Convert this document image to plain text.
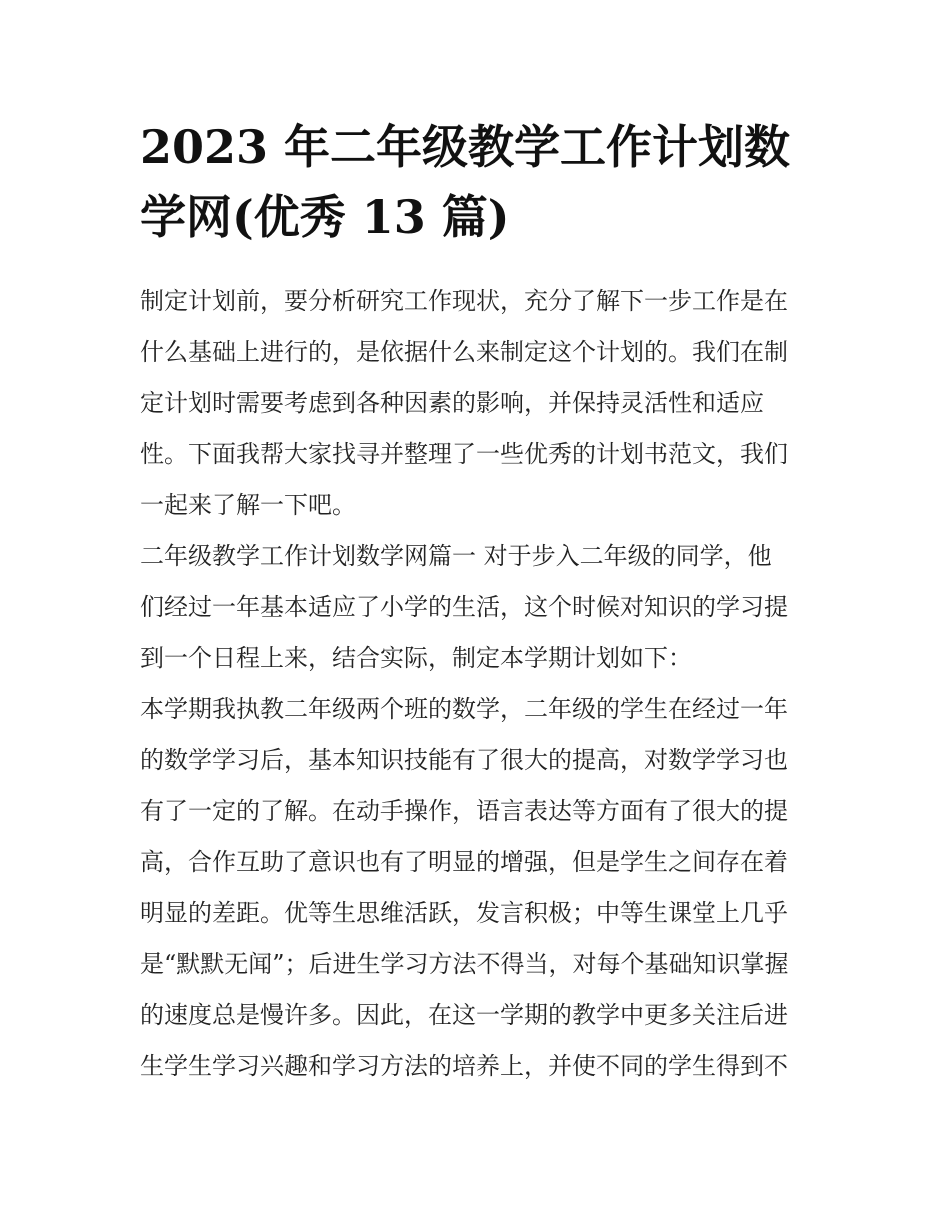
2023 年二年级教学工作计划数
学网(优秀 13 篇)
制定计划前，要分析研究工作现状，充分了解下一步工作是在
什么基础上进行的，是依据什么来制定这个计划的。我们在制
定计划时需要考虑到各种因素的影响，并保持灵活性和适应
性。下面我帮大家找寻并整理了一些优秀的计划书范文，我们
一起来了解一下吧。
二年级教学工作计划数学网篇一 对于步入二年级的同学，他
们经过一年基本适应了小学的生活，这个时候对知识的学习提
到一个日程上来，结合实际，制定本学期计划如下：
本学期我执教二年级两个班的数学，二年级的学生在经过一年
的数学学习后，基本知识技能有了很大的提高，对数学学习也
有了一定的了解。在动手操作，语言表达等方面有了很大的提
高，合作互助了意识也有了明显的增强，但是学生之间存在着
明显的差距。优等生思维活跃，发言积极；中等生课堂上几乎
是“默默无闻”；后进生学习方法不得当，对每个基础知识掌握
的速度总是慢许多。因此，在这一学期的教学中更多关注后进
生学生学习兴趣和学习方法的培养上，并使不同的学生得到不
